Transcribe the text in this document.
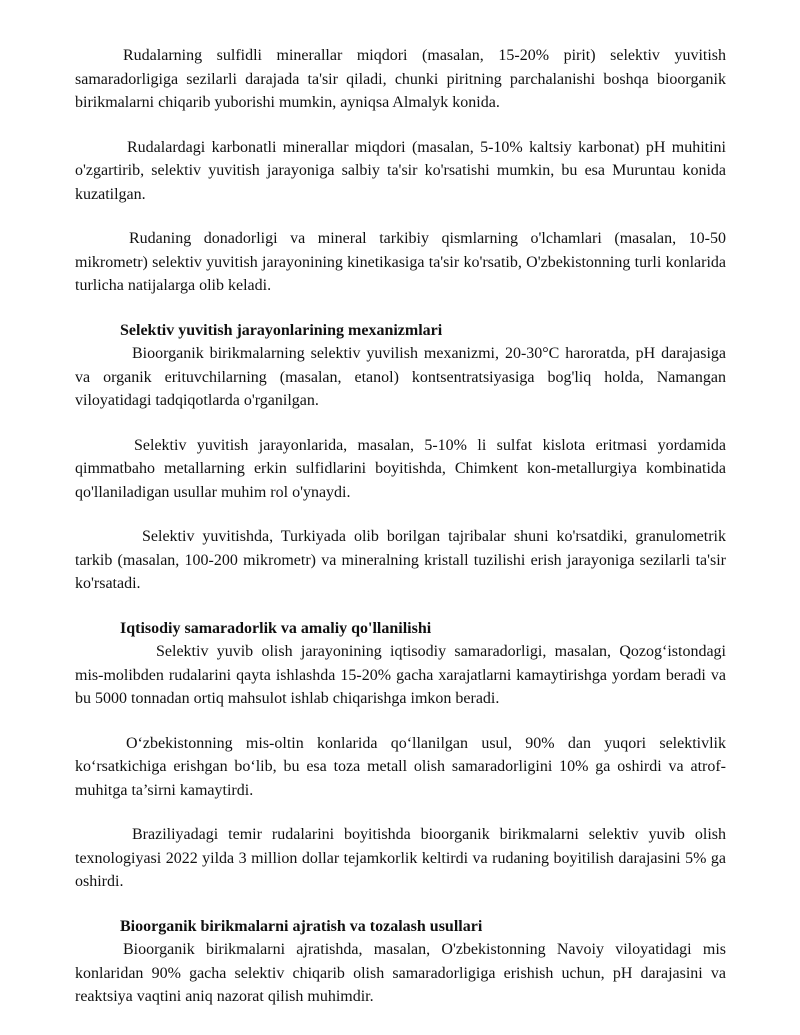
Rudalarning sulfidli minerallar miqdori (masalan, 15-20% pirit) selektiv yuvitish samaradorligiga sezilarli darajada ta'sir qiladi, chunki piritning parchalanishi boshqa bioorganik birikmalarni chiqarib yuborishi mumkin, ayniqsa Almalyk konida.

Rudalardagi karbonatli minerallar miqdori (masalan, 5-10% kaltsiy karbonat) pH muhitini o'zgartirib, selektiv yuvitish jarayoniga salbiy ta'sir ko'rsatishi mumkin, bu esa Muruntau konida kuzatilgan.

Rudaning donadorligi va mineral tarkibiy qismlarning o'lchamlari (masalan, 10-50 mikrometr) selektiv yuvitish jarayonining kinetikasiga ta'sir ko'rsatib, O'zbekistonning turli konlarida turlicha natijalarga olib keladi.

Selektiv yuvitish jarayonlarining mexanizmlari

Bioorganik birikmalarning selektiv yuvilish mexanizmi, 20-30°C haroratda, pH darajasiga va organik erituvchilarning (masalan, etanol) kontsentratsiyasiga bog'liq holda, Namangan viloyatidagi tadqiqotlarda o'rganilgan.

Selektiv yuvitish jarayonlarida, masalan, 5-10% li sulfat kislota eritmasi yordamida qimmatbaho metallarning erkin sulfidlarini boyitishda, Chimkent kon-metallurgiya kombinatida qo'llaniladigan usullar muhim rol o'ynaydi.

Selektiv yuvitishda, Turkiyada olib borilgan tajribalar shuni ko'rsatdiki, granulometrik tarkib (masalan, 100-200 mikrometr) va mineralning kristall tuzilishi erish jarayoniga sezilarli ta'sir ko'rsatadi.

Iqtisodiy samaradorlik va amaliy qo'llanilishi

Selektiv yuvib olish jarayonining iqtisodiy samaradorligi, masalan, Qozog‘istondagi mis-molibden rudalarini qayta ishlashda 15-20% gacha xarajatlarni kamaytirishga yordam beradi va bu 5000 tonnadan ortiq mahsulot ishlab chiqarishga imkon beradi.

O‘zbekistonning mis-oltin konlarida qo‘llanilgan usul, 90% dan yuqori selektivlik ko‘rsatkichiga erishgan bo‘lib, bu esa toza metall olish samaradorligini 10% ga oshirdi va atrof-muhitga ta’sirni kamaytirdi.

Braziliyadagi temir rudalarini boyitishda bioorganik birikmalarni selektiv yuvib olish texnologiyasi 2022 yilda 3 million dollar tejamkorlik keltirdi va rudaning boyitilish darajasini 5% ga oshirdi.

Bioorganik birikmalarni ajratish va tozalash usullari

Bioorganik birikmalarni ajratishda, masalan, O'zbekistonning Navoiy viloyatidagi mis konlaridan 90% gacha selektiv chiqarib olish samaradorligiga erishish uchun, pH darajasini va reaktsiya vaqtini aniq nazorat qilish muhimdir.
